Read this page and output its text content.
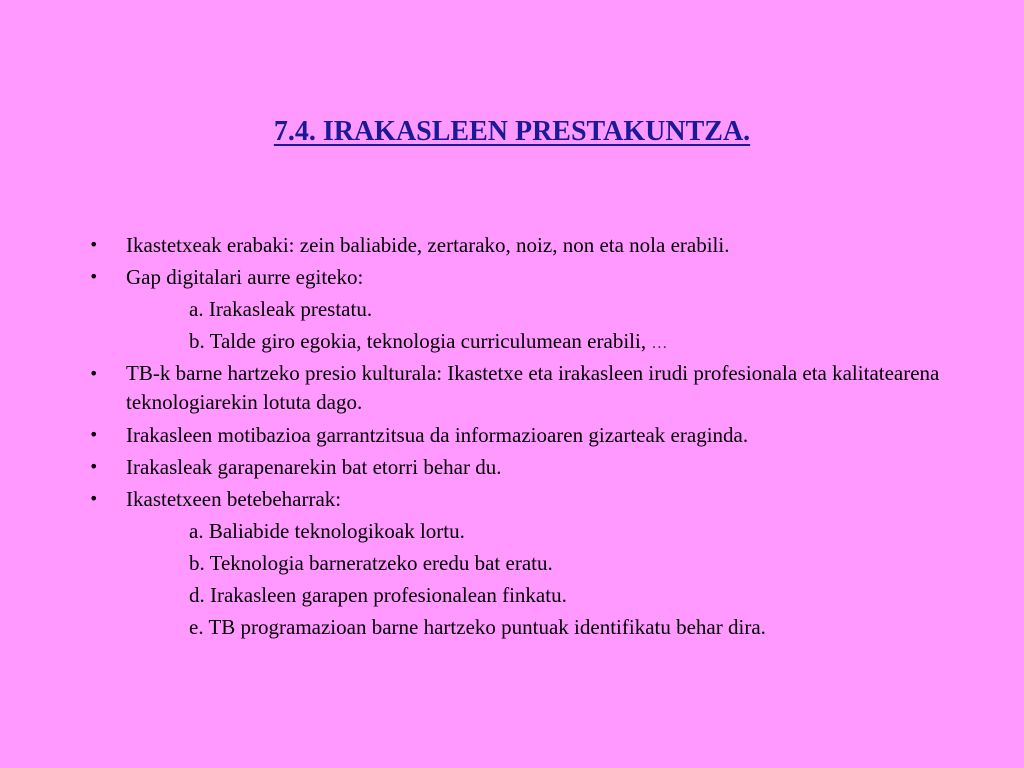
7.4. IRAKASLEEN PRESTAKUNTZA.
•	Ikastetxeak erabaki: zein baliabide, zertarako, noiz, non eta nola erabili.
•	Gap digitalari aurre egiteko:
a. Irakasleak prestatu.
b. Talde giro egokia, teknologia curriculumean erabili, …
•	TB-k barne hartzeko presio kulturala: Ikastetxe eta irakasleen irudi profesionala eta kalitatearena teknologiarekin lotuta dago.
•	Irakasleen motibazioa garrantzitsua da informazioaren gizarteak eraginda.
•	Irakasleak garapenarekin bat etorri behar du.
•	Ikastetxeen betebeharrak:
a. Baliabide teknologikoak lortu.
b. Teknologia barneratzeko eredu bat eratu.
d. Irakasleen garapen profesionalean finkatu.
e. TB programazioan barne hartzeko puntuak identifikatu behar dira.
